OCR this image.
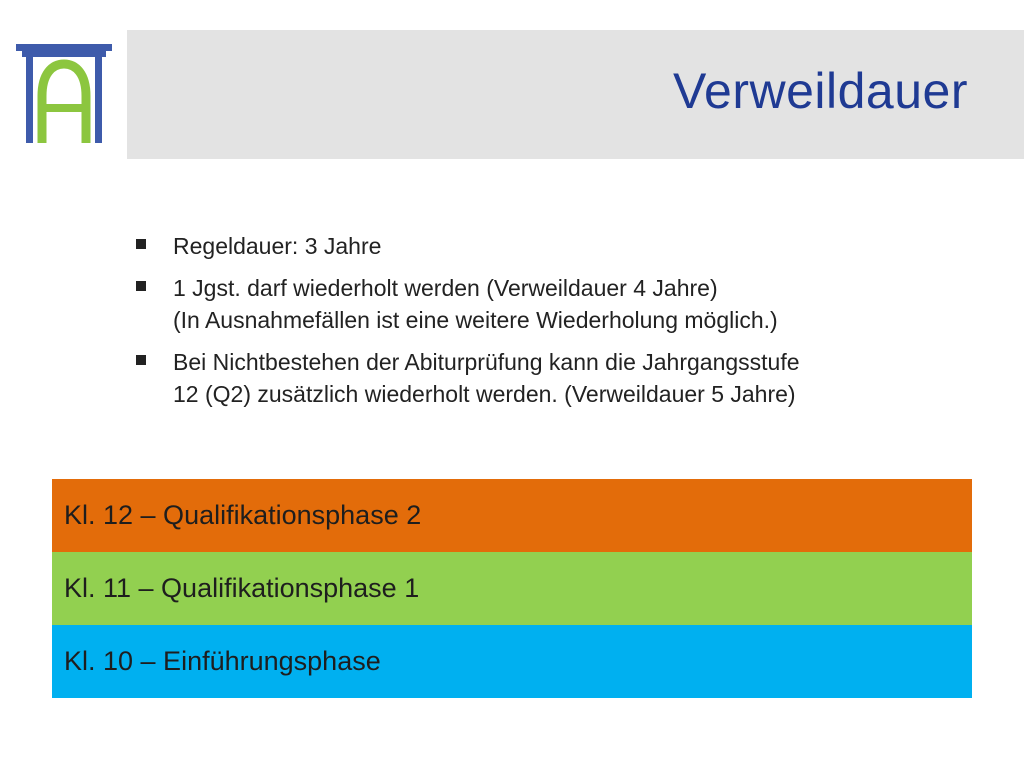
Verweildauer
Regeldauer: 3 Jahre
1 Jgst. darf wiederholt werden (Verweildauer 4 Jahre)
(In Ausnahmefällen ist eine weitere Wiederholung möglich.)
Bei Nichtbestehen der Abiturprüfung kann die Jahrgangsstufe
12 (Q2) zusätzlich wiederholt werden. (Verweildauer 5 Jahre)
Kl. 12 – Qualifikationsphase 2
Kl. 11 – Qualifikationsphase 1
Kl. 10 – Einführungsphase
